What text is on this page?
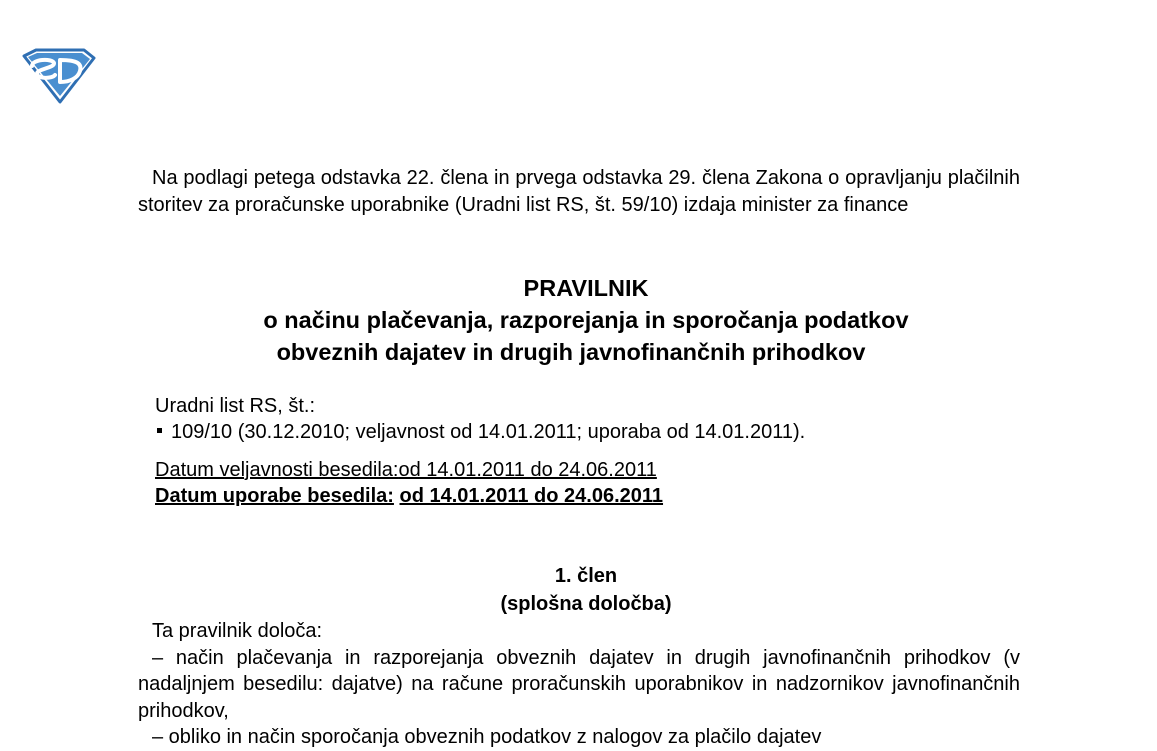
Na podlagi petega odstavka 22. člena in prvega odstavka 29. člena Zakona o opravljanju plačilnih storitev za proračunske uporabnike (Uradni list RS, št. 59/10) izdaja minister za finance

PRAVILNIK
o načinu plačevanja, razporejanja in sporočanja podatkov
obveznih dajatev in drugih javnofinančnih prihodkov
Uradni list RS, št.:
109/10 (30.12.2010; veljavnost od 14.01.2011; uporaba od 14.01.2011).
Datum veljavnosti besedila:od 14.01.2011 do 24.06.2011
Datum uporabe besedila: od 14.01.2011 do 24.06.2011
1. člen
(splošna določba)

Ta pravilnik določa:

– način plačevanja in razporejanja obveznih dajatev in drugih javnofinančnih prihodkov (v nadaljnjem besedilu: dajatve) na račune proračunskih uporabnikov in nadzornikov javnofinančnih prihodkov,

– obliko in način sporočanja obveznih podatkov z nalogov za plačilo dajatev
